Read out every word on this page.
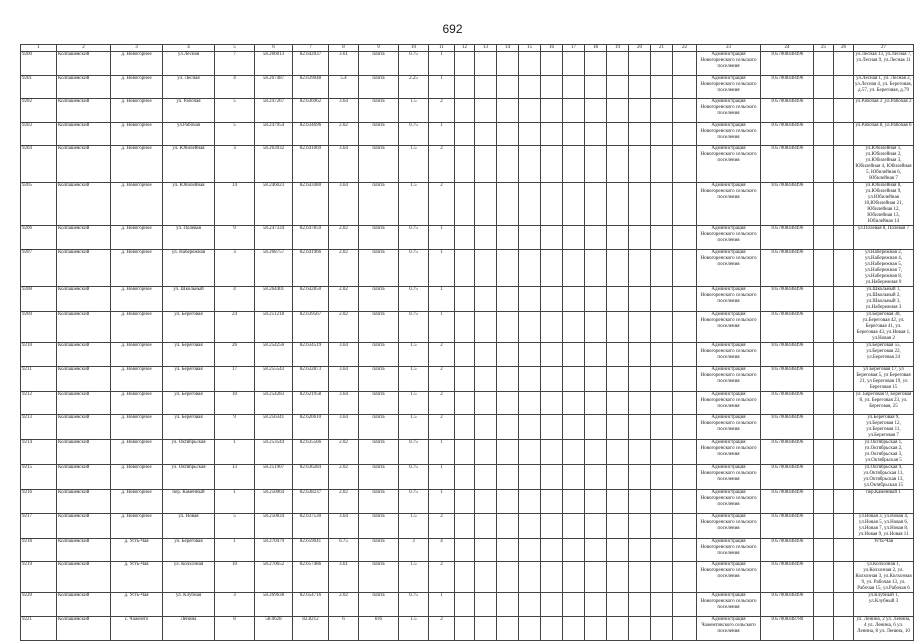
692
1	2	3	4	5	6	7	8	9	10	11	12	13	14	15	16	17	18	19	20	21	22	23	24	25	26	27
9200	Колпашевский	д. Новогорное	ул.Лесная	7	58.266013	82.642037	3.61	плита	0.75	1												Администрация Новогоренского сельского поселения	1057008448496			ул.Лесная 13, ул.Лесная 7, ул.Лесная 9, ул.Лесная 11
9201	Колпашевский	д. Новогорное	ул. Лесная	4	58.267487	82.639048	5.4	плита	2.25	1												Администрация Новогоренского сельского поселения	1057008448496			ул.Лесная 1, ул. Лесная 2, ул.Лесная 4, ул. Береговая, д.57, ул. Береговая, д.79
9202	Колпашевский	д. Новогорное	ул. Рабочая	5	58.247267	82.636962	3.64	плита	1.5	2												Администрация Новогоренского сельского поселения	1057008448496			ул.Рабочая 3 ,ул.Рабочая 2
9203	Колпашевский	д. Новогорное	ул.Рабочая	5	58.247954	82.634696	2.02	плита	0.75	1												Администрация Новогоренского сельского поселения	1057008448496			ул.Рабочая 8, ул.Рабочая 6
9204	Колпашевский	д. Новогорное	ул. Юбилейная	3	58.263932	82.641069	3.64	плита	1.5	2												Администрация Новогоренского сельского поселения	1057008448496			ул.Юбилейная 1, ул.Юбилейная 2, ул.Юбилейная 3, Юбилейная 4, Юбилейная 5, Юбилейная 6, Юбилейная 7
9205	Колпашевский	д. Новогорное	ул. Юбилейная	14	58.246023	82.643480	3.64	плита	1.5	2												Администрация Новогоренского сельского поселения	1057008448496			ул.Юбилейная 8, ул.Юбилейная 9, ул.Юбилейная 10,Юбилейная 21, Юбилейная 12, Юбилейная 13, Юбилейная 14
9206	Колпашевский	д. Новогорное	ул. Полевая	9	58.247334	82.647859	2.02	плита	0.75	1												Администрация Новогоренского сельского поселения	1057008448496			ул.Полевая 8, Полевая 7
9207	Колпашевский	д. Новогорное	ул. Набережная	3	58.268757	82.641966	2.02	плита	0.75	1												Администрация Новогоренского сельского поселения	1057008448496			ул.Набережная 2, ул.Набережная 4, ул.Набережная 5, ул.Набережная 7, ул.Набережная 8, ул.Набережная 9
9208	Колпашевский	д. Новогорное	ул. Школьный	4	58.264401	82.642850	2.02	плита	0.75	1												Администрация Новогоренского сельского поселения	1057008448496			ул.Школьный 1, ул.Школьный 2, ул.Школьный 3, ул.Набережная 3
9209	Колпашевский	д. Новогорное	ул. Береговая	24	58.251218	82.639567	2.02	плита	0.75	1												Администрация Новогоренского сельского поселения	1057008448496			ул.Береговая 38, ул.Береговая 42, ул. Береговая 41, ул. Береговая 43, ул.Новая 1, ул.Новая 2
9210	Колпашевский	д. Новогорное	ул. Береговая	26	58.254256	82.634519	3.64	плита	1.5	2												Администрация Новогоренского сельского поселения	1057008448496			ул.Береговая 55, ул.Береговая 22, ул.Береговая 24
9211	Колпашевский	д. Новогорное	ул. Береговая	17	58.255543	82.632873	3.64	плита	1.5	2												Администрация Новогоренского сельского поселения	1057008448496			ул Береговая 17, ул Береговая 5, ул Береговая 21, ул Береговая 19, ул Береговая 15
9212	Колпашевский	д. Новогорное	ул. Береговая	10	58.254283	82.621958	3.64	плита	1.5	2												Администрация Новогоренского сельского поселения	1057008448496			ул. Береговая 9, Береговая 8, ул. Береговая 23, ул. Береговая, 25
9213	Колпашевский	д. Новогорное	ул. Береговая	9	58.256341	82.620610	3.64	плита	1.5	2												Администрация Новогоренского сельского поселения	1057008448496			ул.Береговая 9, ул.Береговая 12, ул.Береговая 11, ул.Береговая 7
9214	Колпашевский	д. Новогорное	ул. Октябрьская	1	58.253544	82.635566	2.02	плита	0.75	1												Администрация Новогоренского сельского поселения	1057008448496			ул.Октябрьская 1, ул.Октябрьская 2, ул.Октябрьская 3, ул.Октябрьская 5
9215	Колпашевский	д. Новогорное	ул. Октябрьская	13	58.251907	82.636284	2.02	плита	0.75	1												Администрация Новогоренского сельского поселения	1057008448496			ул.Октябрьская 9, ул.Октябрьская 11, ул.Октябрьская 13, ул.Октябрьская 15
9216	Колпашевский	д. Новогорное	пер. Каменный	1	58.250064	82.638237	2.02	плита	0.75	1												Администрация Новогоренского сельского поселения	1057008448496			пер.Каменный 1
9217	Колпашевский	д. Новогорное	ул. Новая	5	58.250834	82.637530	3.64	плита	1.5	2												Администрация Новогоренского сельского поселения	1057008448496			ул.Новая 3, ул.Новая 4, ул.Новая 5, ул.Новая 6, ул.Новая 7, ул.Новая 8, ул.Новая 9, ул.Новая 11
9218	Колпашевский	д. Усть-Чая	ул. Береговая	1	58.270479	82.659041	6.75	плита	3	4												Администрация Новогоренского сельского поселения	1057008448496			Усть-Чая
9219	Колпашевский	д. Усть-Чая	ул. Колхозная	10	58.270652	82.657486	3.61	плита	1.5	2												Администрация Новогоренского сельского поселения	1057008448496			ул.Колхозная 1, ул.Колхозная 2, ул. Колхозная 3, ул.Колхозная 9, ул. Рабочая 13, ул. Рабочая 15, ул.Рабочая 6
9220	Колпашевский	д. Усть-Чая	ул. Клубная	3	58.269638	82.654716	2.02	плита	0.75	1												Администрация Новогоренского сельского поселения	1057008448496			ул.Клубный 1, ул.Клубный 3
9221	Колпашевский	с. Чажемто	Ленина	8	58.0628	82.8212	6	бгб	1.5	2												Администрация Чажемтовского сельского поселения	1057008448780			ул. Ленина, 2 ул. Ленина, 4 ул. Ленина, 6 ул. Ленина, 8 ул. Ленина, 10
